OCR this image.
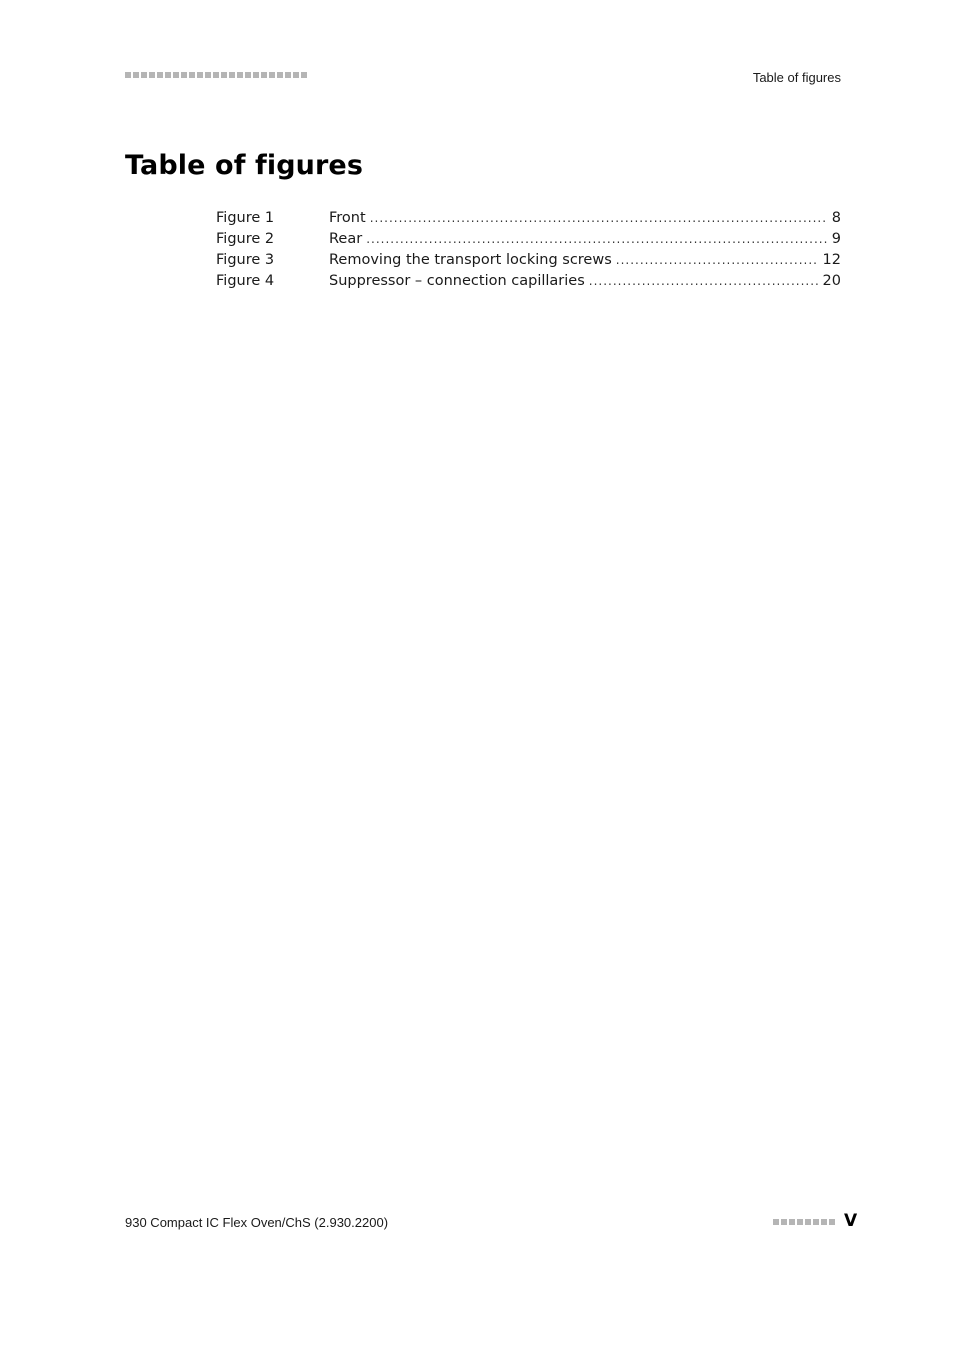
Table of figures
Table of figures
Figure 1	Front .....	8
Figure 2	Rear .....	9
Figure 3	Removing the transport locking screws .....	12
Figure 4	Suppressor – connection capillaries .....	20
930 Compact IC Flex Oven/ChS (2.930.2200)	V
